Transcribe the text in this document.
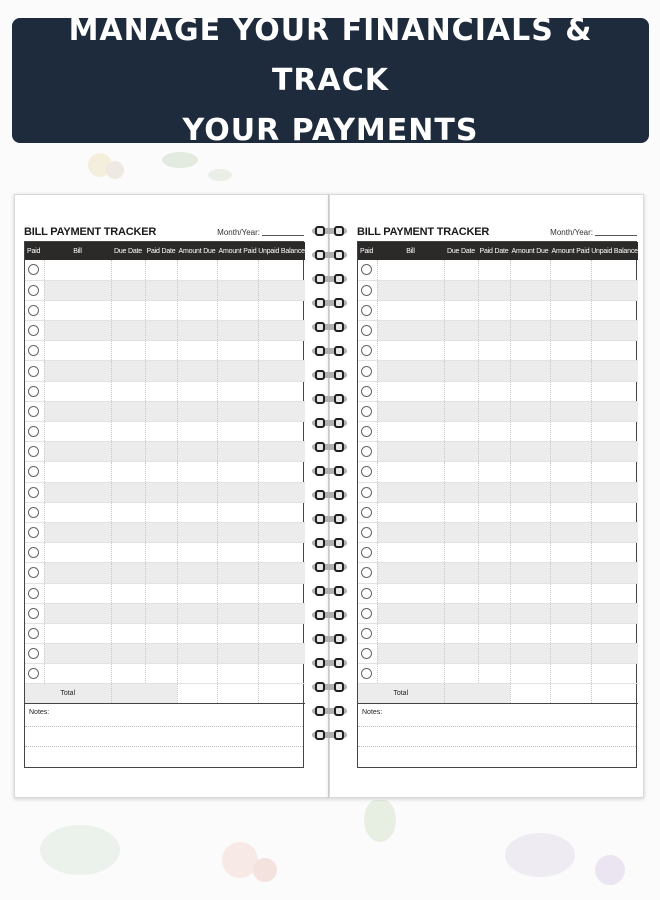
MANAGE YOUR FINANCIALS & TRACK
YOUR PAYMENTS
BILL PAYMENT TRACKER	Month/Year:
Paid	Bill	Due Date	Paid Date	Amount Due	Amount Paid	Unpaid Balance

Total						
Notes:
BILL PAYMENT TRACKER	Month/Year:
Paid	Bill	Due Date	Paid Date	Amount Due	Amount Paid	Unpaid Balance

Total						
Notes:
